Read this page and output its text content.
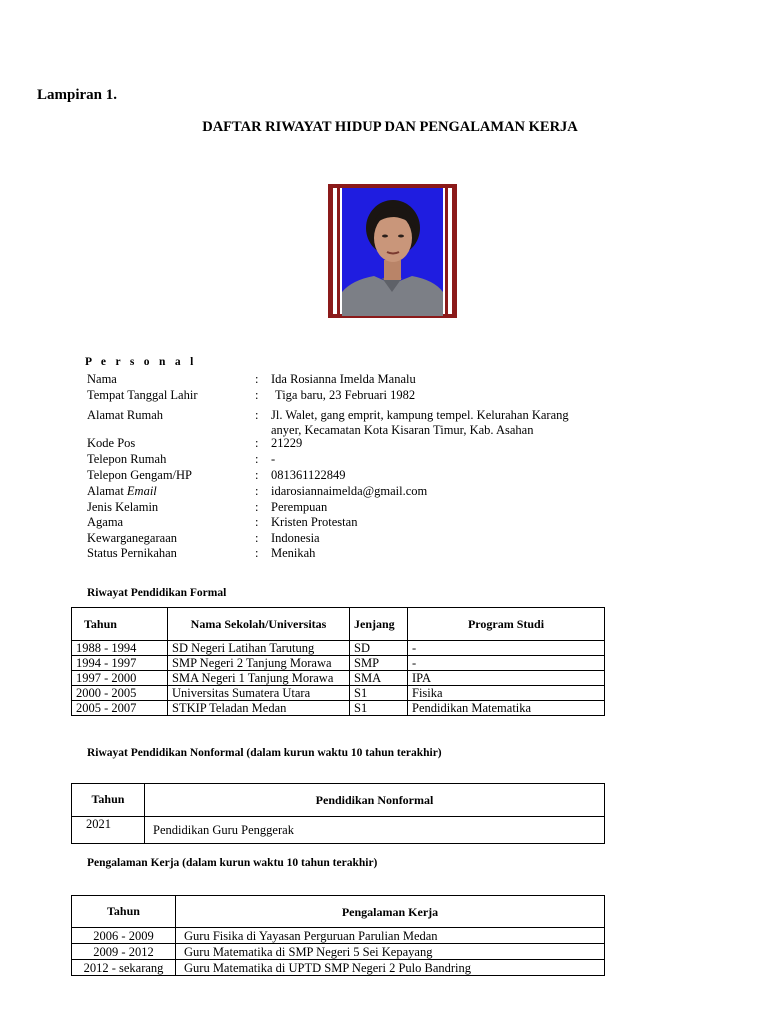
Lampiran 1.
DAFTAR RIWAYAT HIDUP DAN PENGALAMAN KERJA
P e r s o n a l
Nama	: Ida Rosianna Imelda Manalu
Tempat Tanggal Lahir	: Tiga baru, 23 Februari 1982
Alamat Rumah	: Jl. Walet, gang emprit, kampung tempel. Kelurahan Karang
anyer, Kecamatan Kota Kisaran Timur, Kab. Asahan
Kode Pos	: 21229
Telepon Rumah	: -
Telepon Gengam/HP	: 081361122849
Alamat Email	: idarosiannaimelda@gmail.com
Jenis Kelamin	: Perempuan
Agama	: Kristen Protestan
Kewarganegaraan	: Indonesia
Status Pernikahan	: Menikah
Riwayat Pendidikan Formal
Tahun	Nama Sekolah/Universitas	Jenjang	Program Studi
1988 - 1994	SD Negeri Latihan Tarutung	SD	-
1994 - 1997	SMP Negeri 2 Tanjung Morawa	SMP	-
1997 - 2000	SMA Negeri 1 Tanjung Morawa	SMA	IPA
2000 - 2005	Universitas Sumatera Utara	S1	Fisika
2005 - 2007	STKIP Teladan Medan	S1	Pendidikan Matematika
Riwayat Pendidikan Nonformal (dalam kurun waktu 10 tahun terakhir)
Tahun	Pendidikan Nonformal
2021	Pendidikan Guru Penggerak
Pengalaman Kerja (dalam kurun waktu 10 tahun terakhir)
Tahun	Pengalaman Kerja
2006 - 2009	Guru Fisika di Yayasan Perguruan Parulian Medan
2009 - 2012	Guru Matematika di SMP Negeri 5 Sei Kepayang
2012 - sekarang	Guru Matematika di UPTD SMP Negeri 2 Pulo Bandring
